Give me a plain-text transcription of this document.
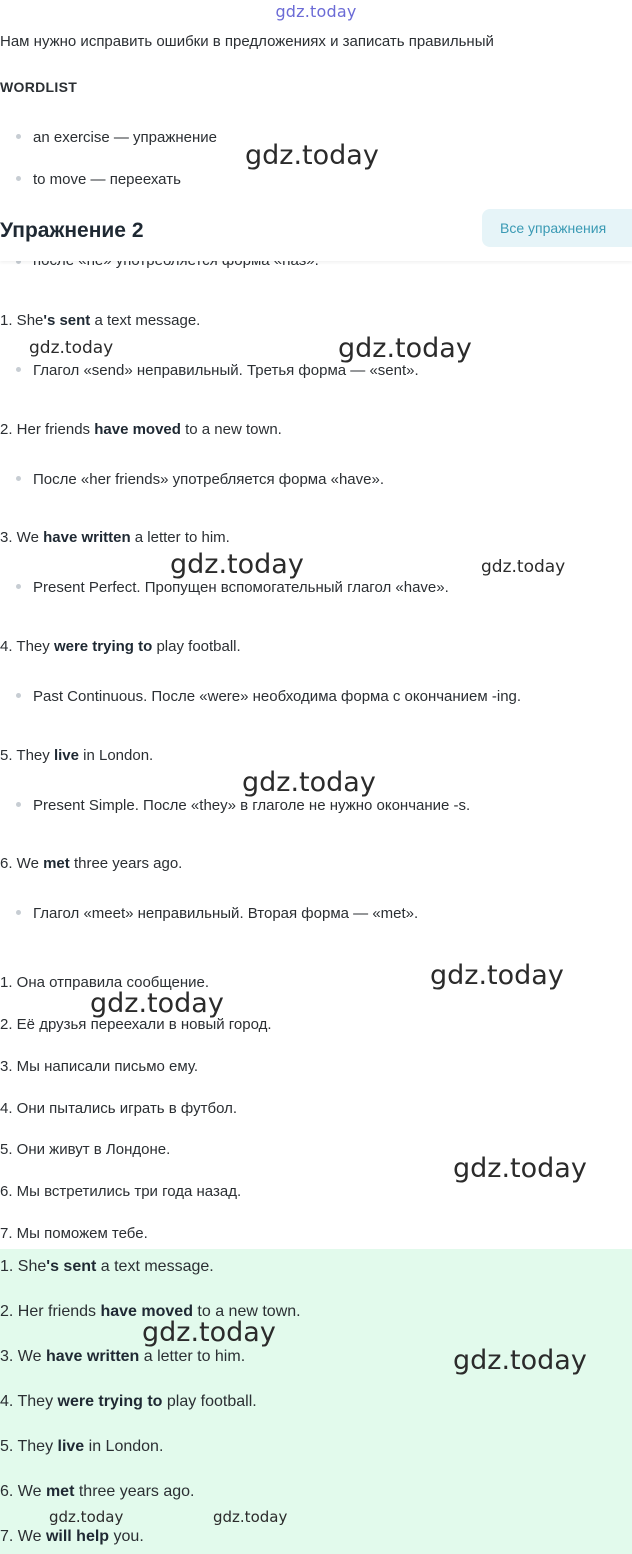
gdz.today

Нам нужно исправить ошибки в предложениях и записать правильный

WORDLIST
an exercise — упражнение
to move — переехать
Упражнение 2	Все упражнения
1. She's sent a text message.
Глагол «send» неправильный. Третья форма — «sent».
2. Her friends have moved to a new town.
После «her friends» употребляется форма «have».
3. We have written a letter to him.
Present Perfect. Пропущен вспомогательный глагол «have».
4. They were trying to play football.
Past Continuous. После «were» необходима форма с окончанием -ing.
5. They live in London.
Present Simple. После «they» в глаголе не нужно окончание -s.
6. We met three years ago.
Глагол «meet» неправильный. Вторая форма — «met».
1. Она отправила сообщение.
2. Её друзья переехали в новый город.
3. Мы написали письмо ему.
4. Они пытались играть в футбол.
5. Они живут в Лондоне.
6. Мы встретились три года назад.
7. Мы поможем тебе.
1. She's sent a text message.
2. Her friends have moved to a new town.
3. We have written a letter to him.
4. They were trying to play football.
5. They live in London.
6. We met three years ago.
7. We will help you.
gdz.today
gdz.today	gdz.today
gdz.today	gdz.today
gdz.today
gdz.today
gdz.today
gdz.today
gdz.today
gdz.today
gdz.today	gdz.today
